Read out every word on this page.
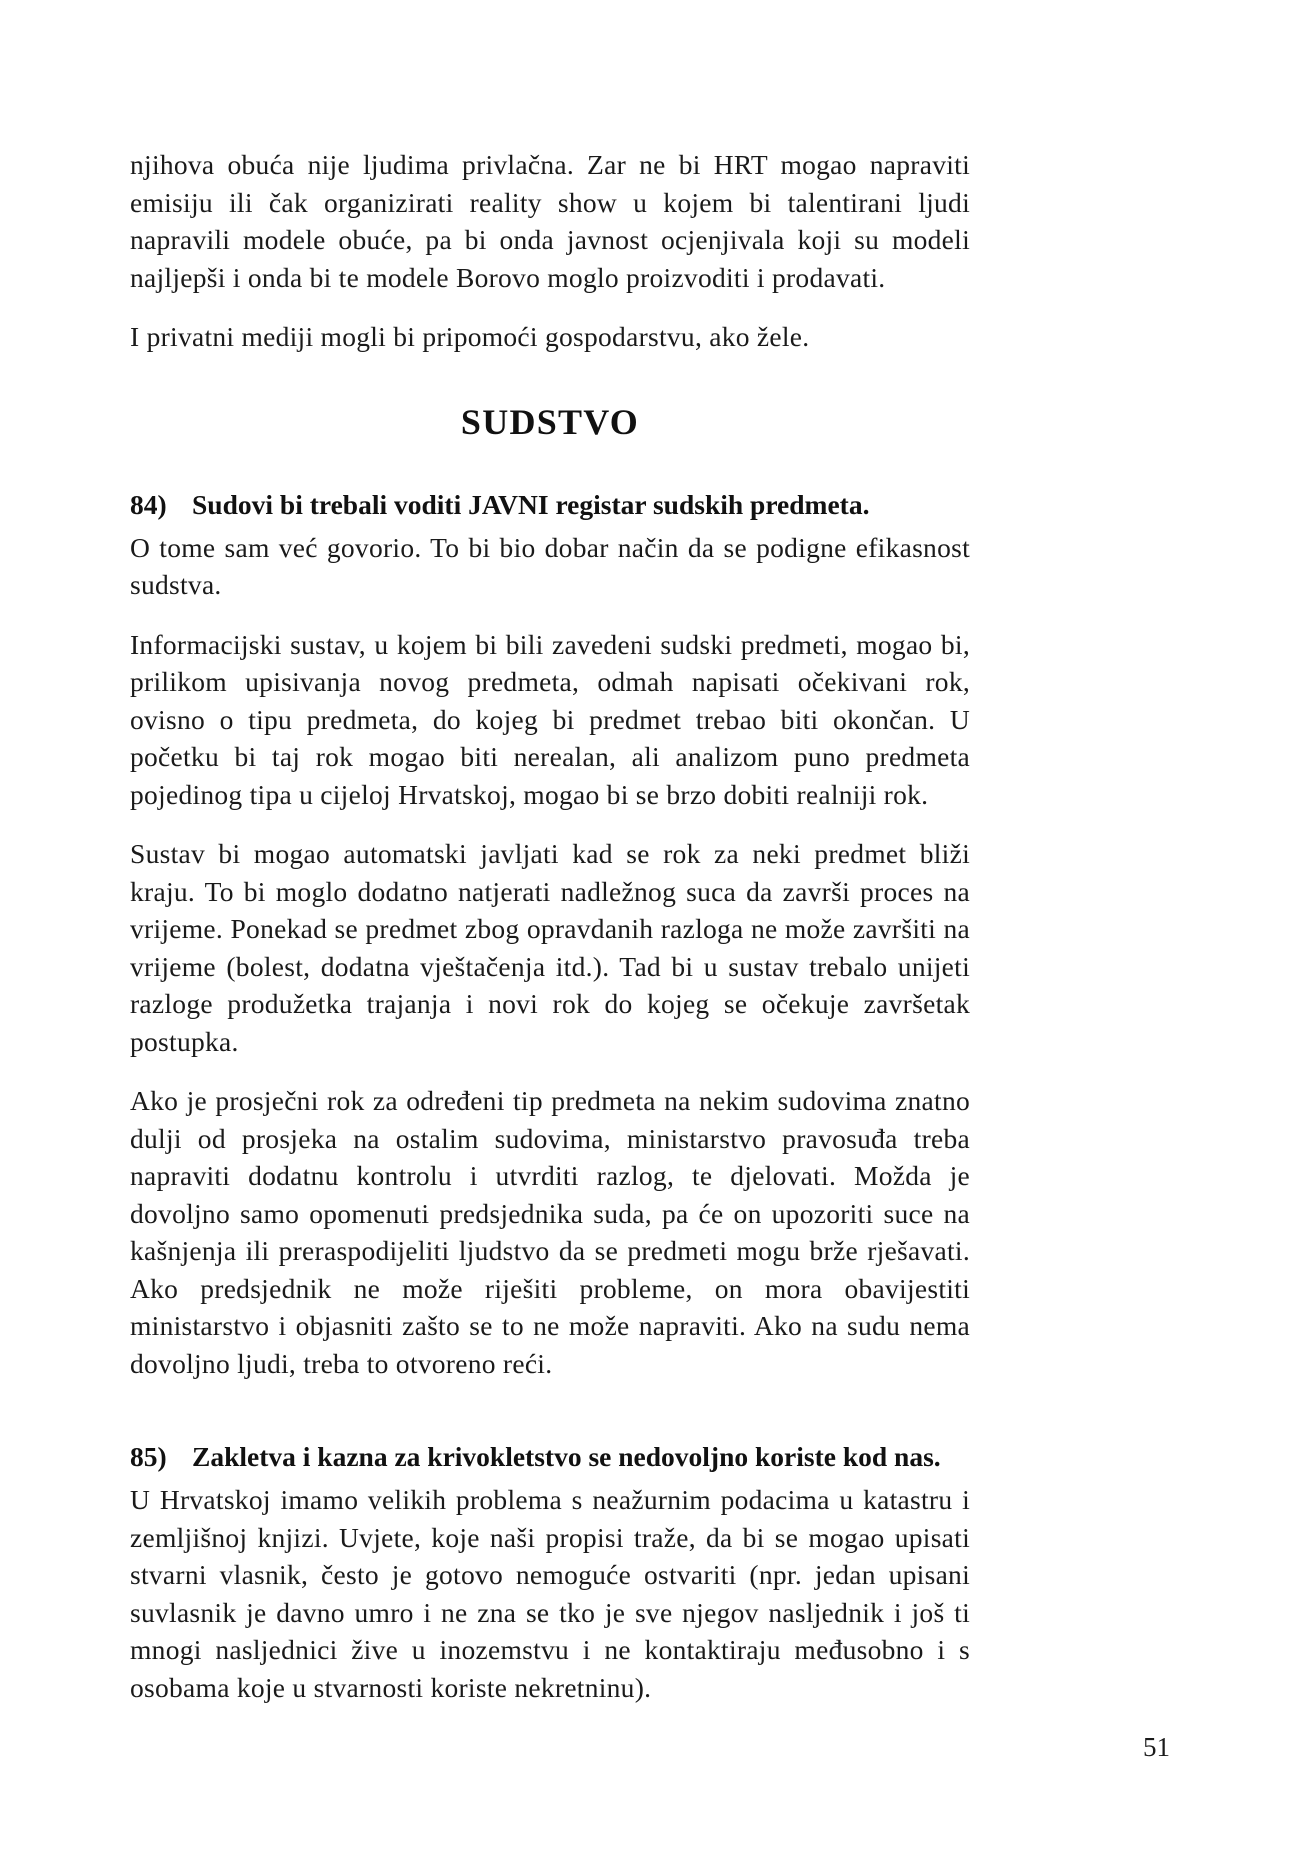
njihova obuća nije ljudima privlačna. Zar ne bi HRT mogao napraviti emisiju ili čak organizirati reality show u kojem bi talentirani ljudi napravili modele obuće, pa bi onda javnost ocjenjivala koji su modeli najljepši i onda bi te modele Borovo moglo proizvoditi i prodavati.

I privatni mediji mogli bi pripomoći gospodarstvu, ako žele.

SUDSTVO
84) Sudovi bi trebali voditi JAVNI registar sudskih predmeta.

O tome sam već govorio. To bi bio dobar način da se podigne efikasnost sudstva.

Informacijski sustav, u kojem bi bili zavedeni sudski predmeti, mogao bi, prilikom upisivanja novog predmeta, odmah napisati očekivani rok, ovisno o tipu predmeta, do kojeg bi predmet trebao biti okončan. U početku bi taj rok mogao biti nerealan, ali analizom puno predmeta pojedinog tipa u cijeloj Hrvatskoj, mogao bi se brzo dobiti realniji rok.

Sustav bi mogao automatski javljati kad se rok za neki predmet bliži kraju. To bi moglo dodatno natjerati nadležnog suca da završi proces na vrijeme. Ponekad se predmet zbog opravdanih razloga ne može završiti na vrijeme (bolest, dodatna vještačenja itd.). Tad bi u sustav trebalo unijeti razloge produžetka trajanja i novi rok do kojeg se očekuje završetak postupka.

Ako je prosječni rok za određeni tip predmeta na nekim sudovima znatno dulji od prosjeka na ostalim sudovima, ministarstvo pravosuđa treba napraviti dodatnu kontrolu i utvrditi razlog, te djelovati. Možda je dovoljno samo opomenuti predsjednika suda, pa će on upozoriti suce na kašnjenja ili preraspodijeliti ljudstvo da se predmeti mogu brže rješavati. Ako predsjednik ne može riješiti probleme, on mora obavijestiti ministarstvo i objasniti zašto se to ne može napraviti. Ako na sudu nema dovoljno ljudi, treba to otvoreno reći.

85) Zakletva i kazna za krivokletstvo se nedovoljno koriste kod nas.

U Hrvatskoj imamo velikih problema s neažurnim podacima u katastru i zemljišnoj knjizi. Uvjete, koje naši propisi traže, da bi se mogao upisati stvarni vlasnik, često je gotovo nemoguće ostvariti (npr. jedan upisani suvlasnik je davno umro i ne zna se tko je sve njegov nasljednik i još ti mnogi nasljednici žive u inozemstvu i ne kontaktiraju međusobno i s osobama koje u stvarnosti koriste nekretninu).

51
